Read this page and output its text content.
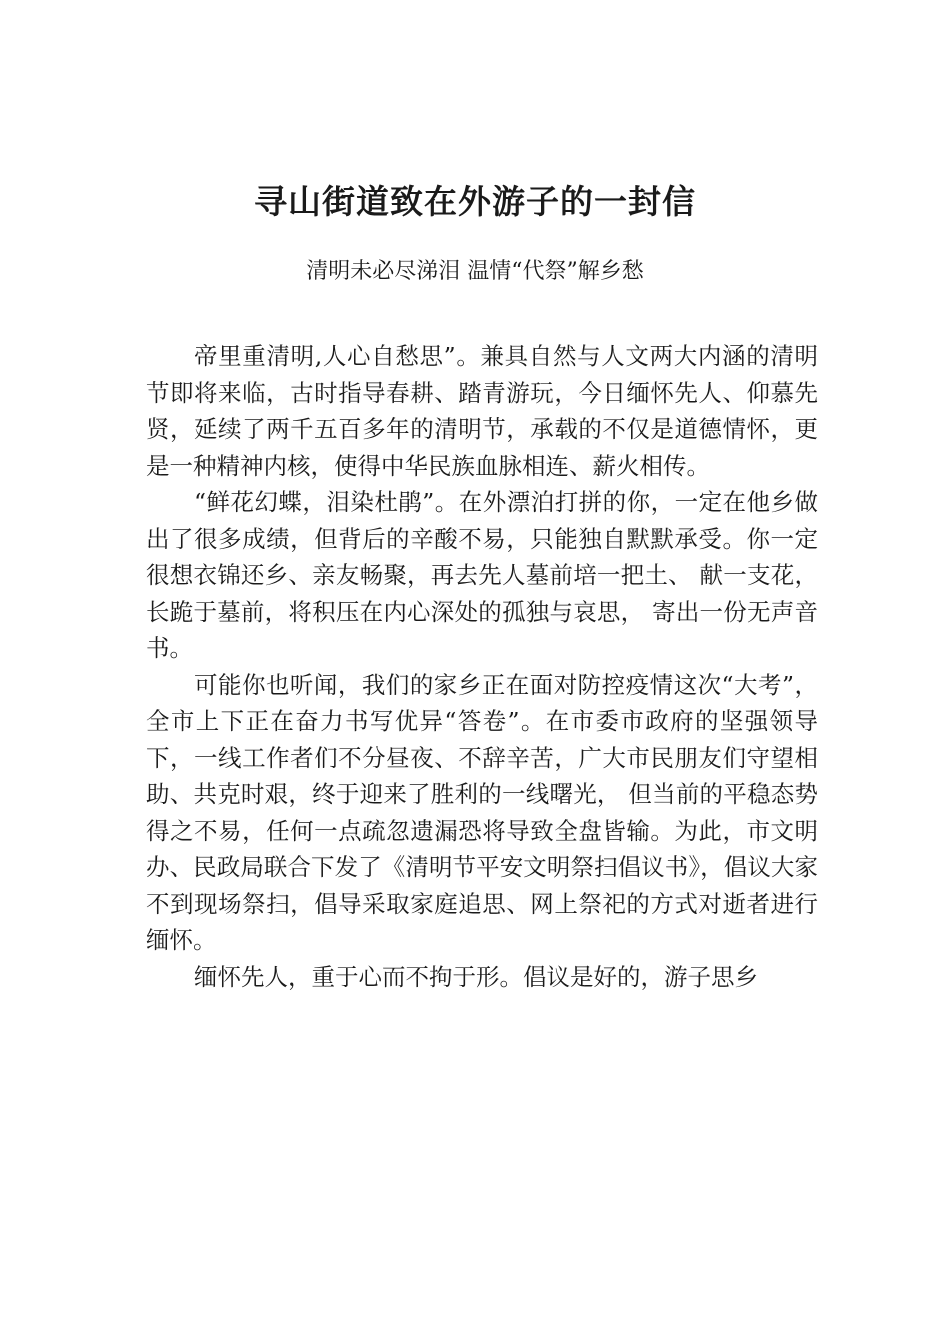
寻山街道致在外游子的一封信
清明未必尽涕泪 温情“代祭”解乡愁

帝里重清明,人心自愁思”。兼具自然与人文两大内涵的清明节即将来临，古时指导春耕、踏青游玩，今日缅怀先人、仰慕先贤，延续了两千五百多年的清明节，承载的不仅是道德情怀，更是一种精神内核，使得中华民族血脉相连、薪火相传。

“鲜花幻蝶，泪染杜鹃”。在外漂泊打拼的你，一定在他乡做出了很多成绩，但背后的辛酸不易，只能独自默默承受。你一定很想衣锦还乡、亲友畅聚，再去先人墓前培一把土、 献一支花，长跪于墓前，将积压在内心深处的孤独与哀思， 寄出一份无声音书。

可能你也听闻，我们的家乡正在面对防控疫情这次“大考”，全市上下正在奋力书写优异“答卷”。在市委市政府的坚强领导下，一线工作者们不分昼夜、不辞辛苦，广大市民朋友们守望相助、共克时艰，终于迎来了胜利的一线曙光， 但当前的平稳态势得之不易，任何一点疏忽遗漏恐将导致全盘皆输。为此，市文明办、民政局联合下发了《清明节平安文明祭扫倡议书》，倡议大家不到现场祭扫，倡导采取家庭追思、网上祭祀的方式对逝者进行缅怀。

缅怀先人，重于心而不拘于形。倡议是好的，游子思乡
